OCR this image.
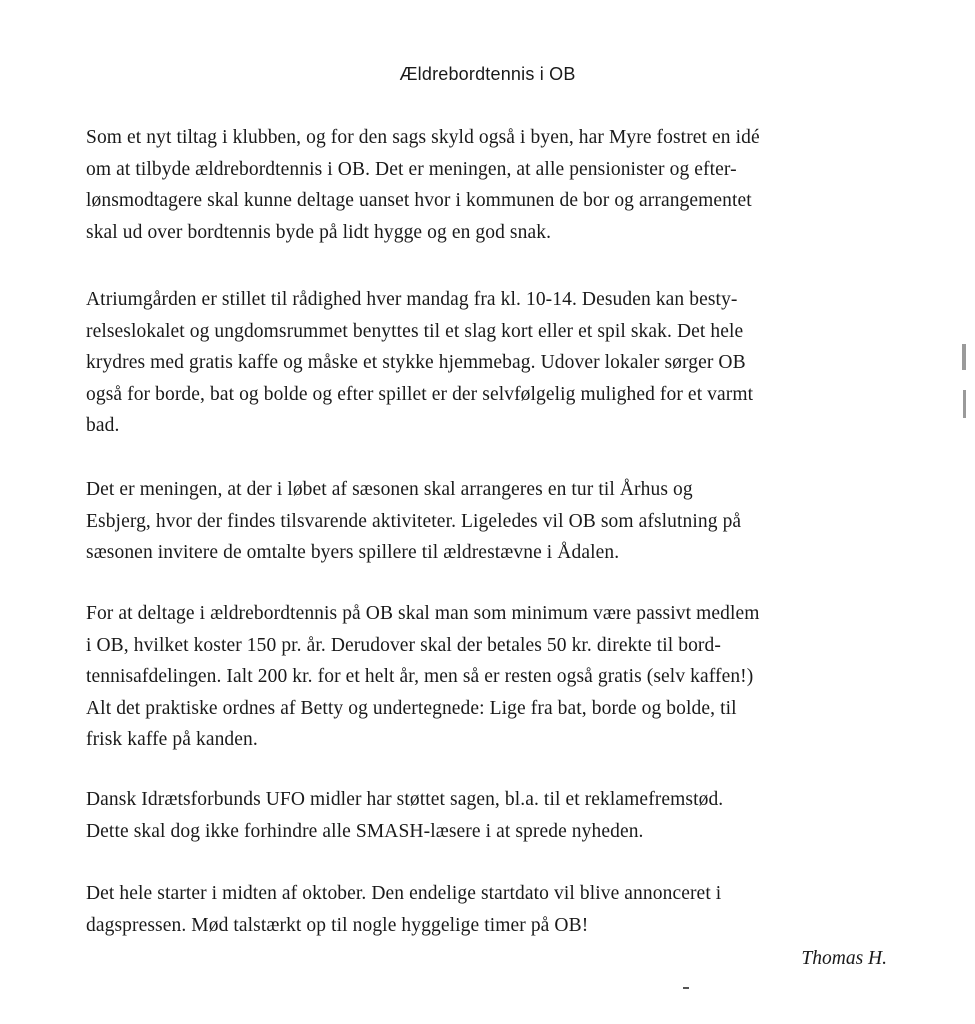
Ældrebordtennis i OB
Som et nyt tiltag i klubben, og for den sags skyld også i byen, har Myre fostret en idé
om at tilbyde ældrebordtennis i OB. Det er meningen, at alle pensionister og efter-
lønsmodtagere skal kunne deltage uanset hvor i kommunen de bor og arrangementet
skal ud over bordtennis byde på lidt hygge og en god snak.
Atriumgården er stillet til rådighed hver mandag fra kl. 10-14. Desuden kan besty-
relseslokalet og ungdomsrummet benyttes til et slag kort eller et spil skak. Det hele
krydres med gratis kaffe og måske et stykke hjemmebag. Udover lokaler sørger OB
også for borde, bat og bolde og efter spillet er der selvfølgelig mulighed for et varmt
bad.
Det er meningen, at der i løbet af sæsonen skal arrangeres en tur til Århus og
Esbjerg, hvor der findes tilsvarende aktiviteter. Ligeledes vil OB som afslutning på
sæsonen invitere de omtalte byers spillere til ældrestævne i Ådalen.
For at deltage i ældrebordtennis på OB skal man som minimum være passivt medlem
i OB, hvilket koster 150 pr. år. Derudover skal der betales 50 kr. direkte til bord-
tennisafdelingen. Ialt 200 kr. for et helt år, men så er resten også gratis (selv kaffen!)
Alt det praktiske ordnes af Betty og undertegnede: Lige fra bat, borde og bolde, til
frisk kaffe på kanden.
Dansk Idrætsforbunds UFO midler har støttet sagen, bl.a. til et reklamefremstød.
Dette skal dog ikke forhindre alle SMASH-læsere i at sprede nyheden.
Det hele starter i midten af oktober. Den endelige startdato vil blive annonceret i
dagspressen. Mød talstærkt op til nogle hyggelige timer på OB!
Thomas H.
